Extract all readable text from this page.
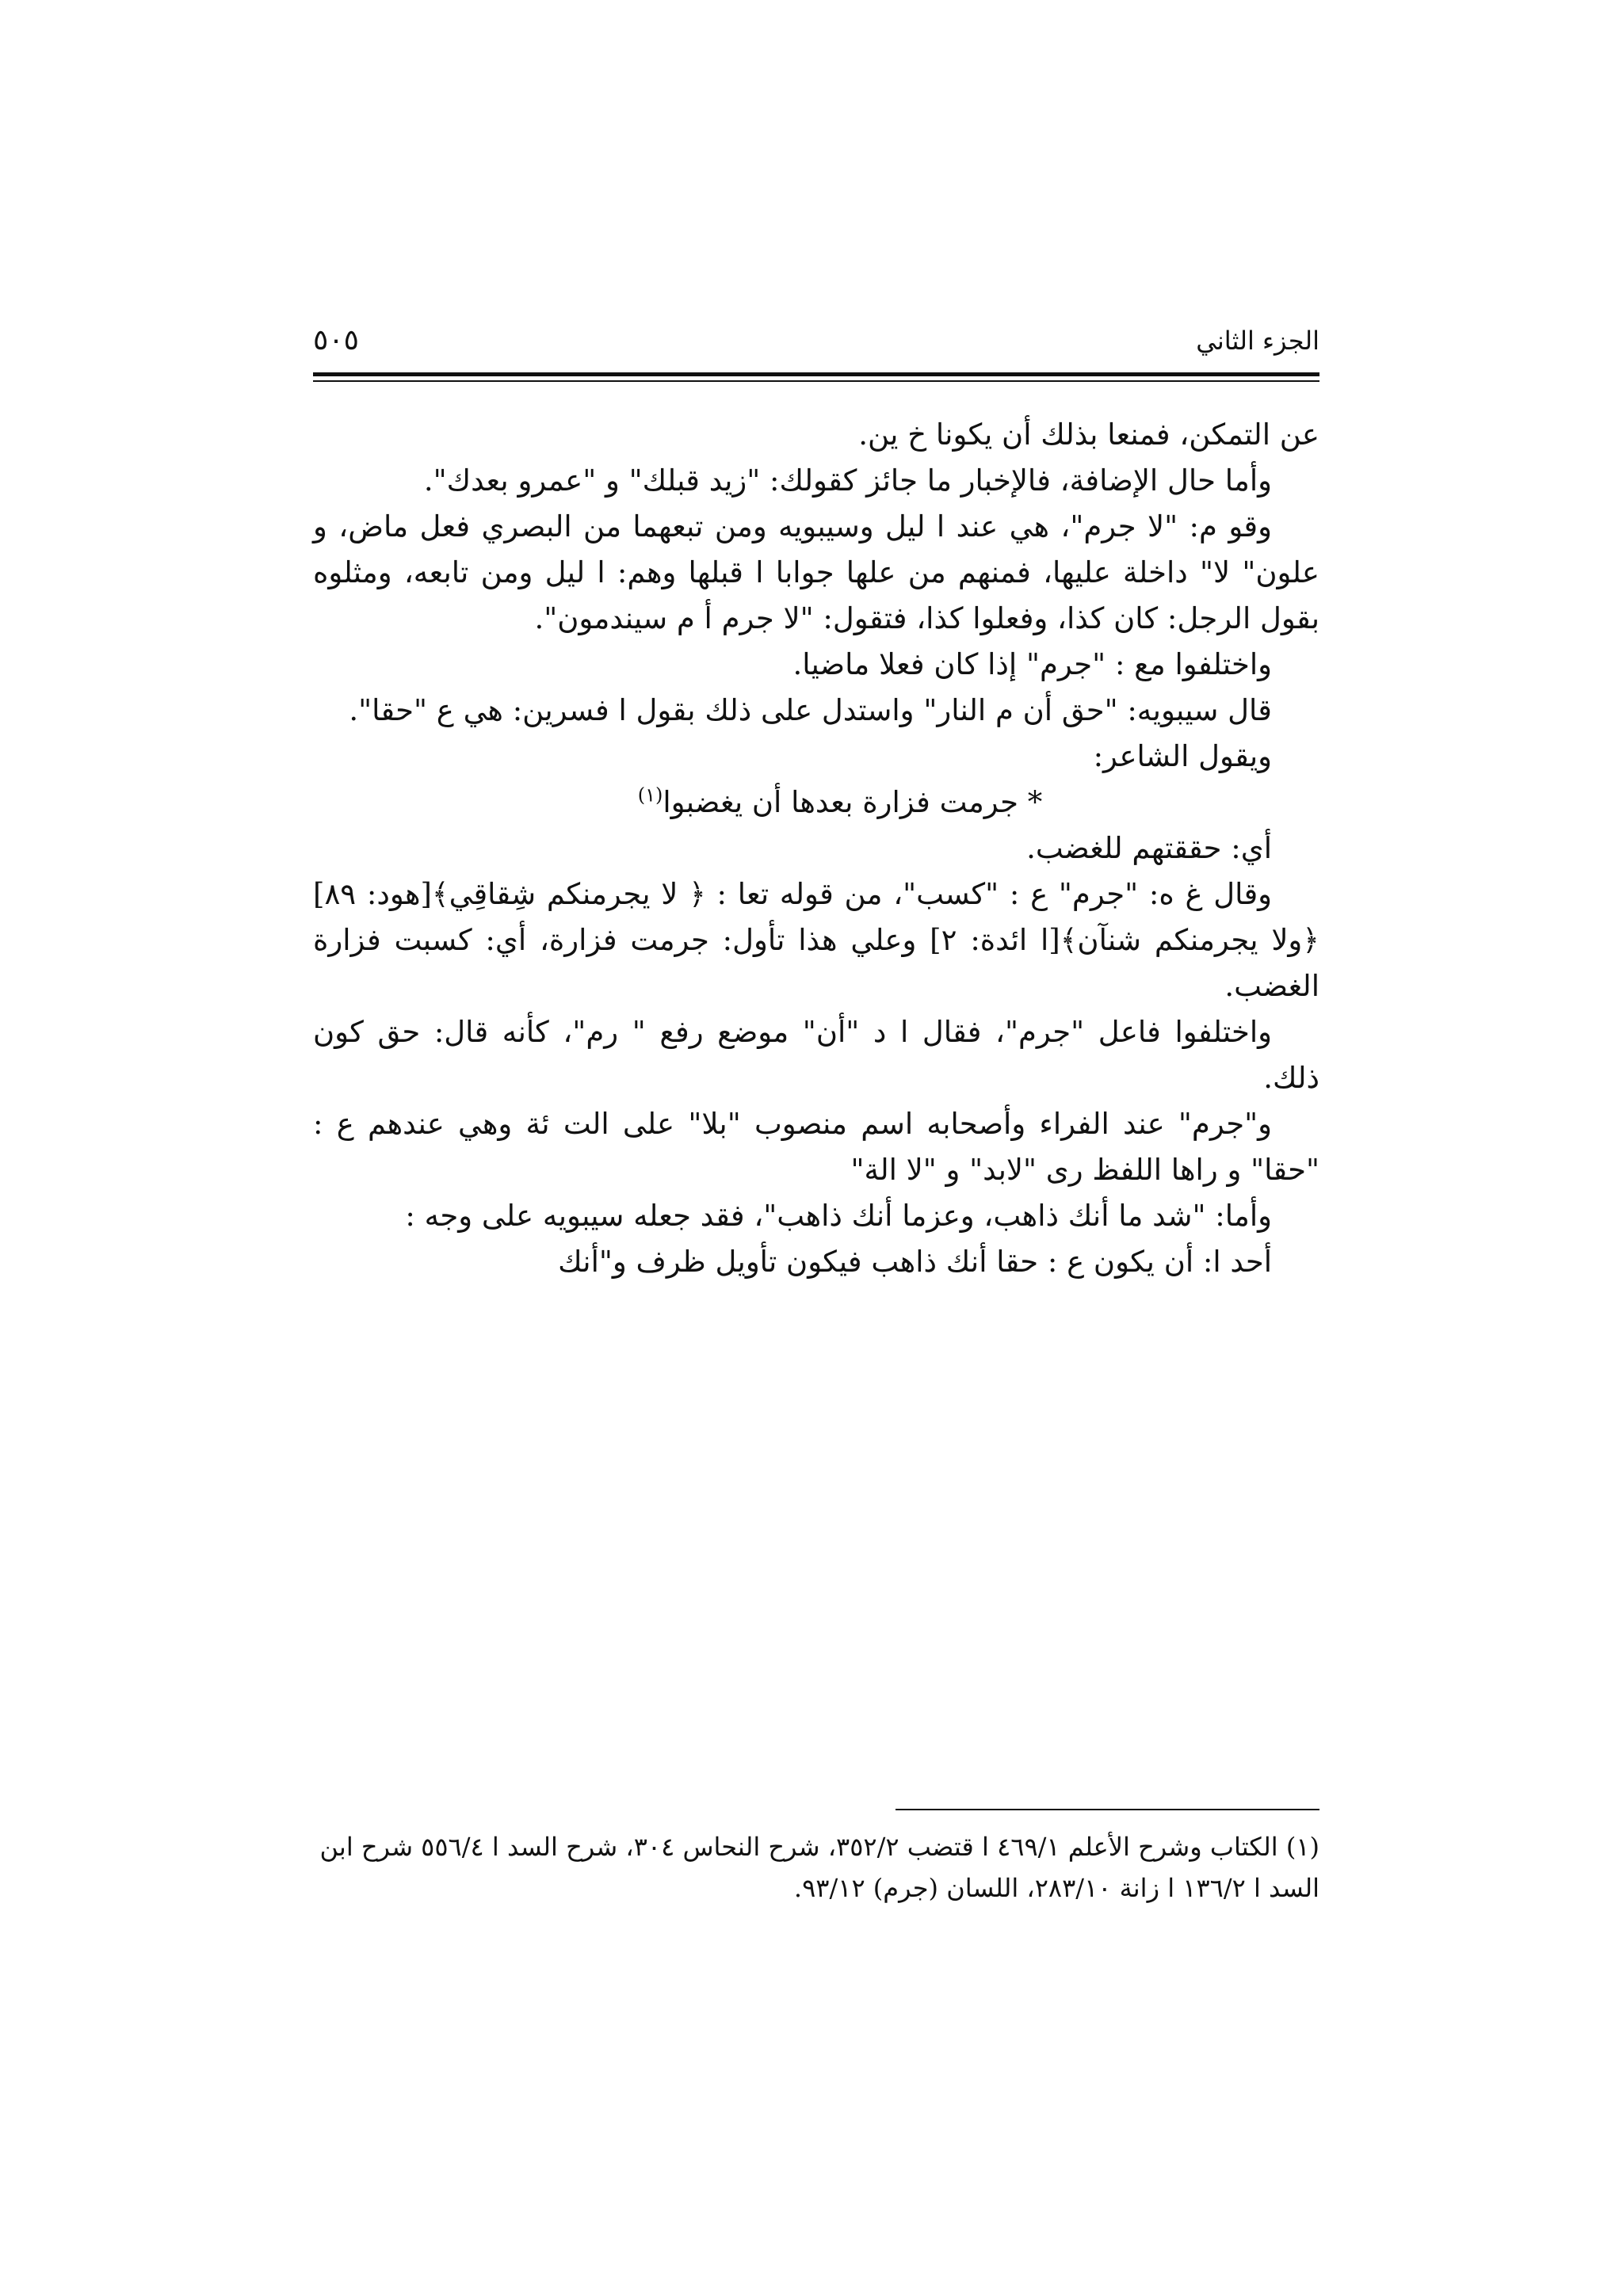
الجزء الثاني
٥٠٥

عن التمكن، فمنعا بذلك أن يكونا خ ين.

وأما حال الإضافة، فالإخبار ما جائز كقولك: "زيد قبلك" و "عمرو بعدك".

وقو م: "لا جرم"، هي عند ا ليل وسيبويه ومن تبعهما من البصري فعل ماض، و علون" لا" داخلة عليها، فمنهم من علها جوابا ا قبلها وهم: ا ليل ومن تابعه، ومثلوه بقول الرجل: كان كذا، وفعلوا كذا، فتقول: "لا جرم أ م سيندمون".

واختلفوا مع : "جرم" إذا كان فعلا ماضيا.

قال سيبويه: "حق أن م النار" واستدل على ذلك بقول ا فسرين: هي ع "حقا".

ويقول الشاعر:

* جرمت فزارة بعدها أن يغضبوا$^{(١)}$

أي: حققتهم للغضب.

وقال غ ه: "جرم" ع : "كسب"، من قوله تعا : ﴿ لا يجرمنكم شِقاقِي﴾[هود: ٨٩] ﴿ولا يجرمنكم شنآن﴾[ا ائدة: ٢] وعلي هذا تأول: جرمت فزارة، أي: كسبت فزارة الغضب.

واختلفوا فاعل "جرم"، فقال ا د "أن" موضع رفع " رم"، كأنه قال: حق كون ذلك.

و"جرم" عند الفراء وأصحابه اسم منصوب "بلا" على الت ئة وهي عندهم ع : "حقا" و راها اللفظ رى "لابد" و "لا الة"

وأما: "شد ما أنك ذاهب، وعزما أنك ذاهب"، فقد جعله سيبويه على وجه :

أحد ا: أن يكون ع : حقا أنك ذاهب فيكون تأويل ظرف و"أنك

(١) الكتاب وشرح الأعلم ٤٦٩/١ ا قتضب ٣٥٢/٢، شرح النحاس ٣٠٤، شرح السد ا ٥٥٦/٤ شرح ابن السد ا ١٣٦/٢ ا زانة ٢٨٣/١٠، اللسان (جرم) ٩٣/١٢.
